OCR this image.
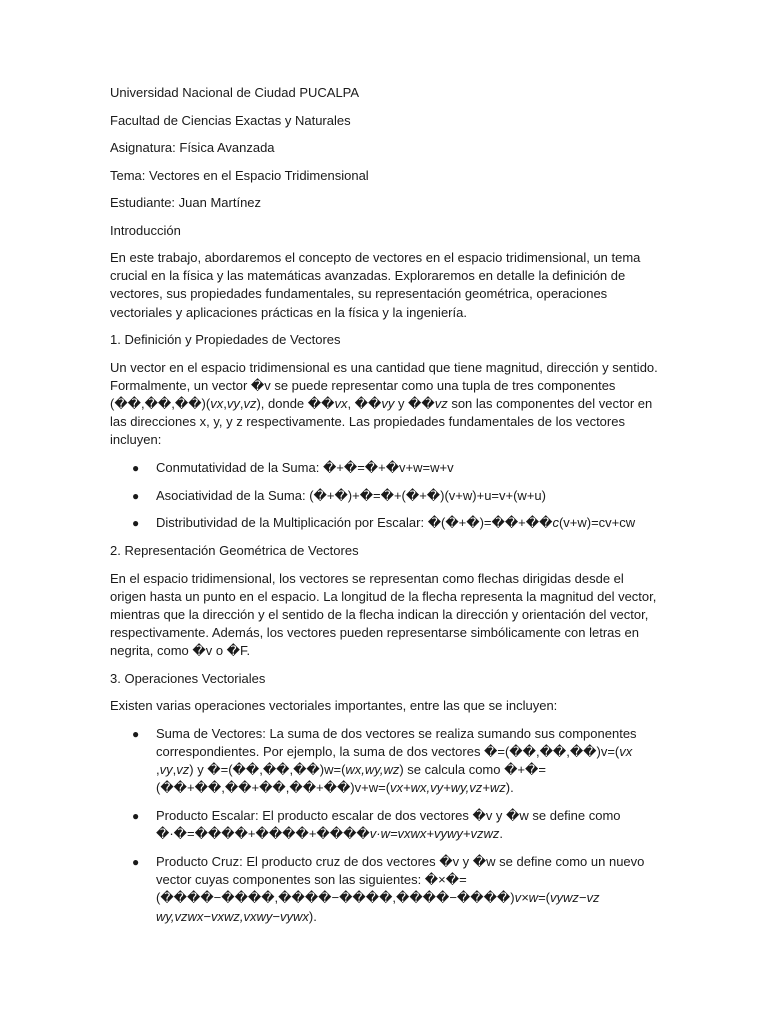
Universidad Nacional de Ciudad PUCALPA

Facultad de Ciencias Exactas y Naturales

Asignatura: Física Avanzada

Tema: Vectores en el Espacio Tridimensional

Estudiante: Juan Martínez

Introducción

En este trabajo, abordaremos el concepto de vectores en el espacio tridimensional, un tema crucial en la física y las matemáticas avanzadas. Exploraremos en detalle la definición de vectores, sus propiedades fundamentales, su representación geométrica, operaciones vectoriales y aplicaciones prácticas en la física y la ingeniería.

1. Definición y Propiedades de Vectores

Un vector en el espacio tridimensional es una cantidad que tiene magnitud, dirección y sentido. Formalmente, un vector �v se puede representar como una tupla de tres componentes (��,��,��)(vx,vy,vz), donde ��vx, ��vy y ��vz son las componentes del vector en las direcciones x, y, y z respectivamente. Las propiedades fundamentales de los vectores incluyen:

● Conmutatividad de la Suma: �+�=�+�v+w=w+v
● Asociatividad de la Suma: (�+�)+�=�+(�+�)(v+w)+u=v+(w+u)
● Distributividad de la Multiplicación por Escalar: �(�+�)=��+��c(v+w)=cv+cw

2. Representación Geométrica de Vectores

En el espacio tridimensional, los vectores se representan como flechas dirigidas desde el origen hasta un punto en el espacio. La longitud de la flecha representa la magnitud del vector, mientras que la dirección y el sentido de la flecha indican la dirección y orientación del vector, respectivamente. Además, los vectores pueden representarse simbólicamente con letras en negrita, como �v o �F.

3. Operaciones Vectoriales

Existen varias operaciones vectoriales importantes, entre las que se incluyen:

● Suma de Vectores: La suma de dos vectores se realiza sumando sus componentes correspondientes. Por ejemplo, la suma de dos vectores �=(��,��,��)v=(vx ,vy,vz) y �=(��,��,��)w=(wx,wy,wz) se calcula como �+�=(��+��,��+��,��+��)v+w=(vx+wx,vy+wy,vz+wz).
● Producto Escalar: El producto escalar de dos vectores �v y �w se define como �·�=����+����+����v·w=vxwx+vywy+vzwz.
● Producto Cruz: El producto cruz de dos vectores �v y �w se define como un nuevo vector cuyas componentes son las siguientes: �×�=(����−����,����−����,����−����)v×w=(vywz−vz wy,vzwx−vxwz,vxwy−vywx).
